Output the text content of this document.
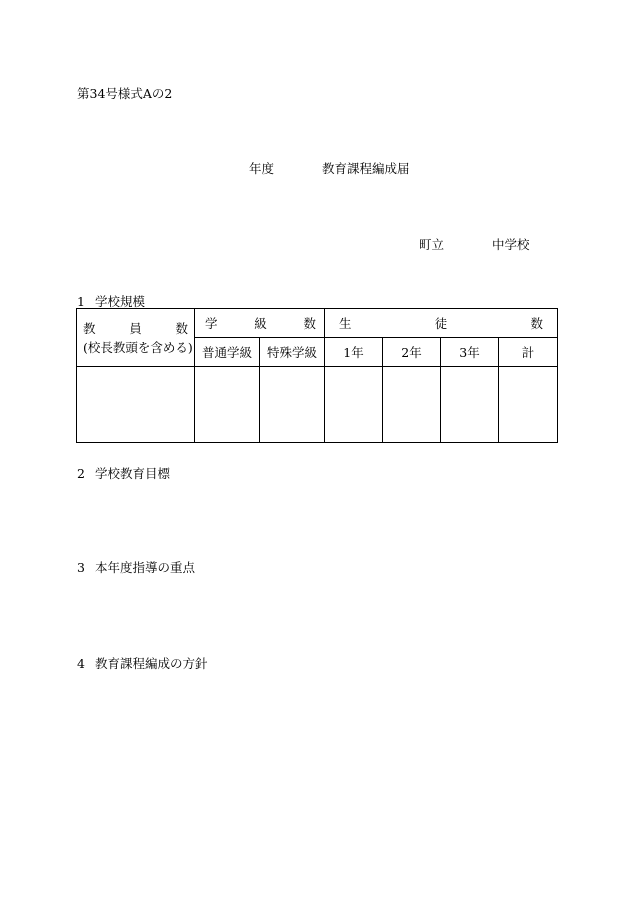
第34号様式Aの2
年度	教育課程編成届
町立	中学校
1 学校規模
教 員 数
(校長教頭を含める)	学 級 数		生 徒 数			

	普通学級	特殊学級	1年	2年	3年	計

2 学校教育目標
3 本年度指導の重点
4 教育課程編成の方針
